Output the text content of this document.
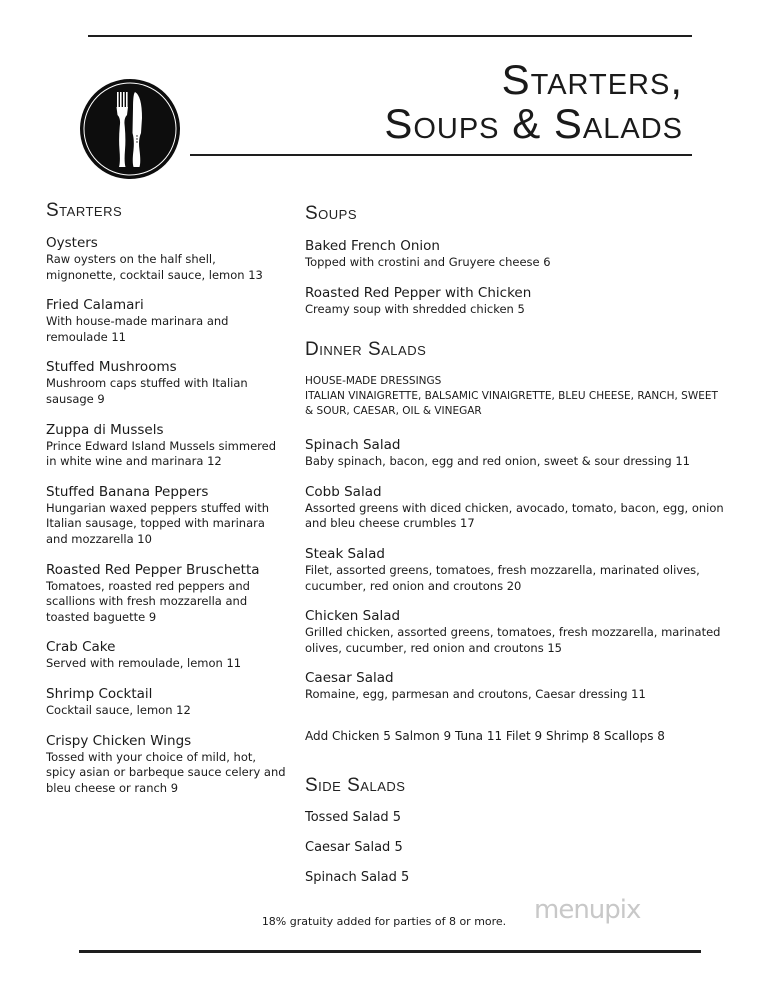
Starters,
Soups & Salads
Starters
Oysters
Raw oysters on the half shell, mignonette, cocktail sauce, lemon 13
Fried Calamari
With house-made marinara and remoulade 11
Stuffed Mushrooms
Mushroom caps stuffed with Italian sausage 9
Zuppa di Mussels
Prince Edward Island Mussels simmered in white wine and marinara 12
Stuffed Banana Peppers
Hungarian waxed peppers stuffed with Italian sausage, topped with marinara and mozzarella 10
Roasted Red Pepper Bruschetta
Tomatoes, roasted red peppers and scallions with fresh mozzarella and toasted baguette 9
Crab Cake
Served with remoulade, lemon 11
Shrimp Cocktail
Cocktail sauce, lemon 12
Crispy Chicken Wings
Tossed with your choice of mild, hot, spicy asian or barbeque sauce celery and bleu cheese or ranch 9
Soups
Baked French Onion
Topped with crostini and Gruyere cheese 6
Roasted Red Pepper with Chicken
Creamy soup with shredded chicken 5
Dinner Salads
HOUSE-MADE DRESSINGS
ITALIAN VINAIGRETTE, BALSAMIC VINAIGRETTE, BLEU CHEESE, RANCH, SWEET & SOUR, CAESAR, OIL & VINEGAR
Spinach Salad
Baby spinach, bacon, egg and red onion, sweet & sour dressing 11
Cobb Salad
Assorted greens with diced chicken, avocado, tomato, bacon, egg, onion and bleu cheese crumbles 17
Steak Salad
Filet, assorted greens, tomatoes, fresh mozzarella, marinated olives, cucumber, red onion and croutons 20
Chicken Salad
Grilled chicken, assorted greens, tomatoes, fresh mozzarella, marinated olives, cucumber, red onion and croutons 15
Caesar Salad
Romaine, egg, parmesan and croutons, Caesar dressing 11
Add Chicken 5 Salmon 9 Tuna 11 Filet 9 Shrimp 8 Scallops 8
Side Salads
Tossed Salad 5
Caesar Salad 5
Spinach Salad 5
menupix
18% gratuity added for parties of 8 or more.
